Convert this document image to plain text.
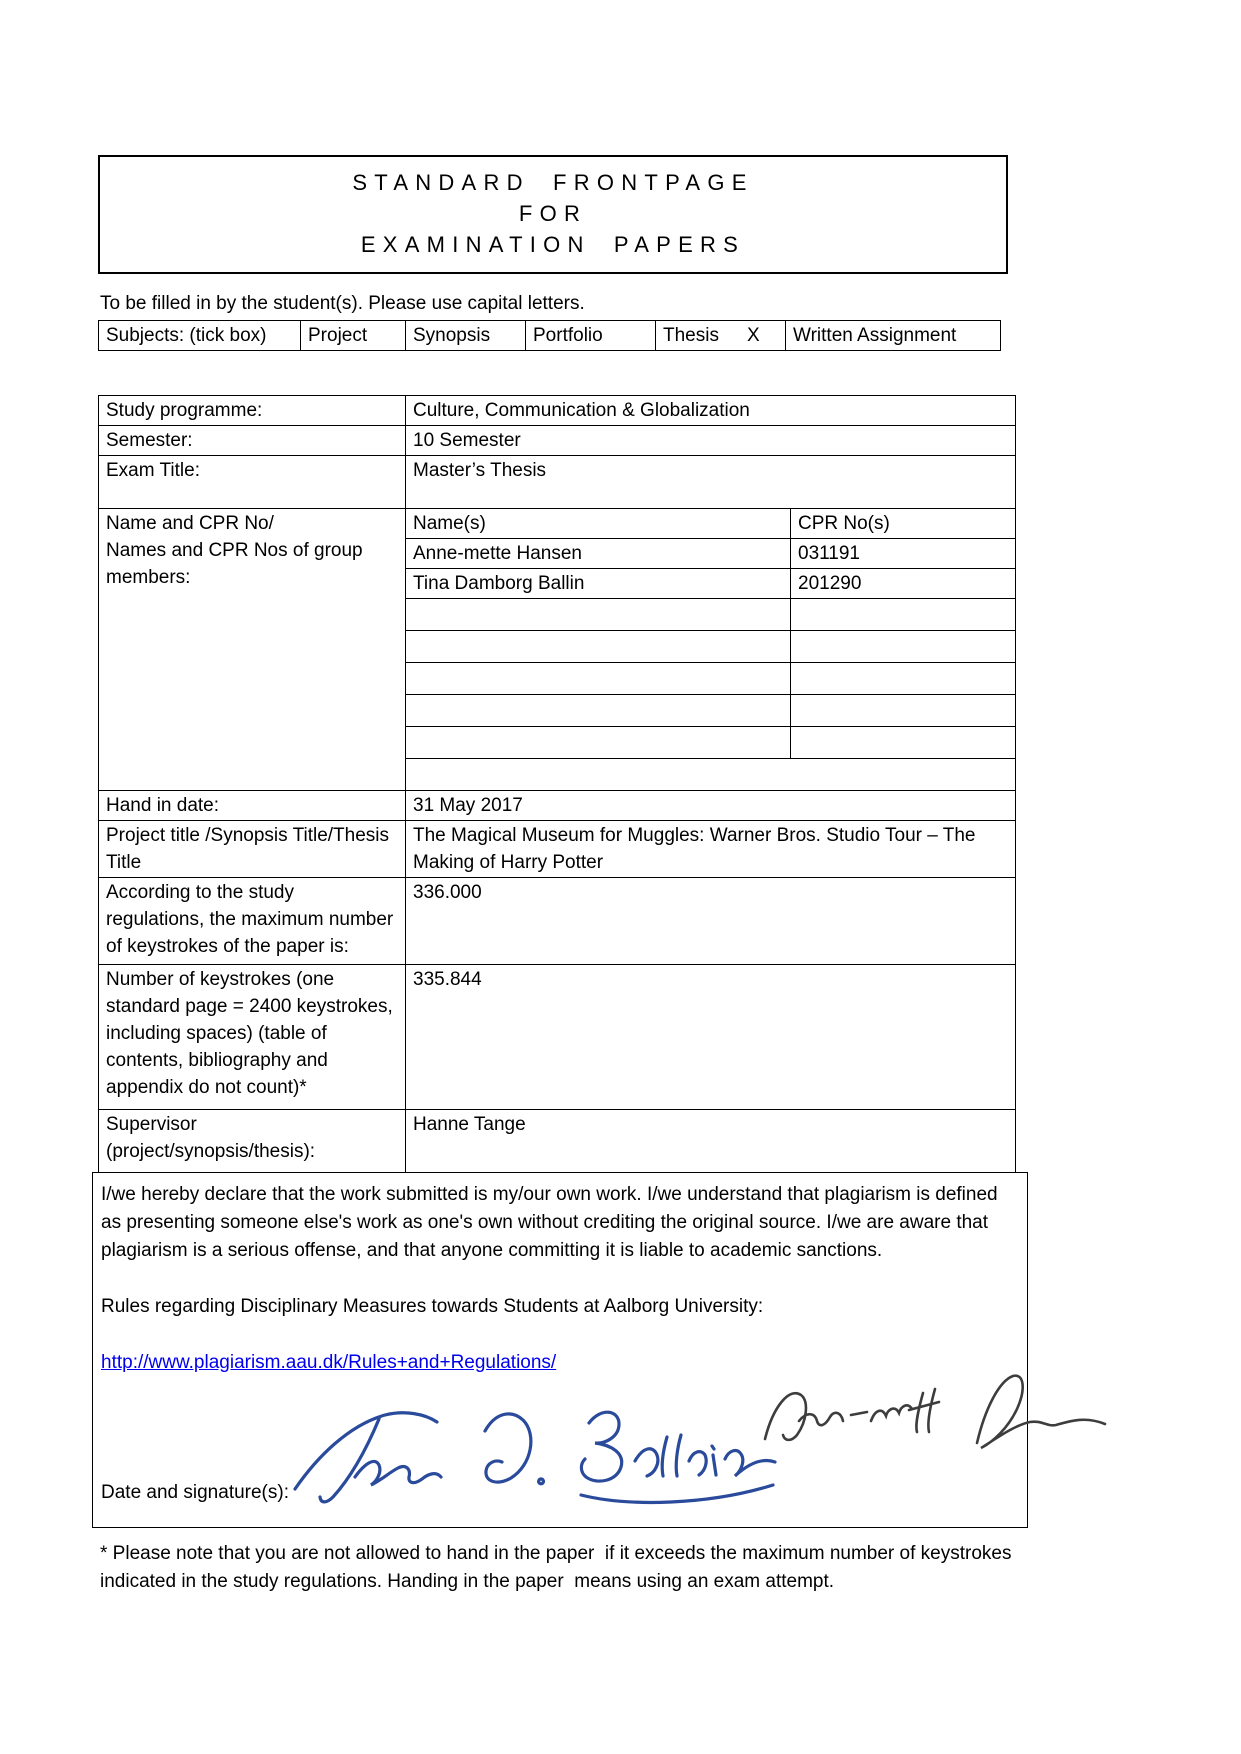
STANDARD FRONTPAGE
FOR
EXAMINATION PAPERS

To be filled in by the student(s). Please use capital letters.

Subjects: (tick box)	Project	Synopsis	Portfolio	Thesis X	Written Assignment
Study programme:	Culture, Communication & Globalization	
Semester:	10 Semester	
Exam Title:	Master’s Thesis	

Name and CPR No/
Names and CPR Nos of group members:	Name(s)	CPR No(s)
	Anne-mette Hansen	031191
	Tina Damborg Ballin	201290

Hand in date:	31 May 2017	
Project title /Synopsis Title/Thesis Title	The Magical Museum for Muggles: Warner Bros. Studio Tour – The Making of Harry Potter	
According to the study regulations, the maximum number of keystrokes of the paper is:	336.000	
Number of keystrokes (one standard page = 2400 keystrokes, including spaces) (table of contents, bibliography and appendix do not count)*	335.844	

Supervisor
(project/synopsis/thesis):	Hanne Tange	

I/we hereby declare that the work submitted is my/our own work. I/we understand that plagiarism is defined as presenting someone else's work as one's own without crediting the original source. I/we are aware that plagiarism is a serious offense, and that anyone committing it is liable to academic sanctions.

Rules regarding Disciplinary Measures towards Students at Aalborg University:

http://www.plagiarism.aau.dk/Rules+and+Regulations/

Date and signature(s):

* Please note that you are not allowed to hand in the paper  if it exceeds the maximum number of keystrokes indicated in the study regulations. Handing in the paper  means using an exam attempt.
